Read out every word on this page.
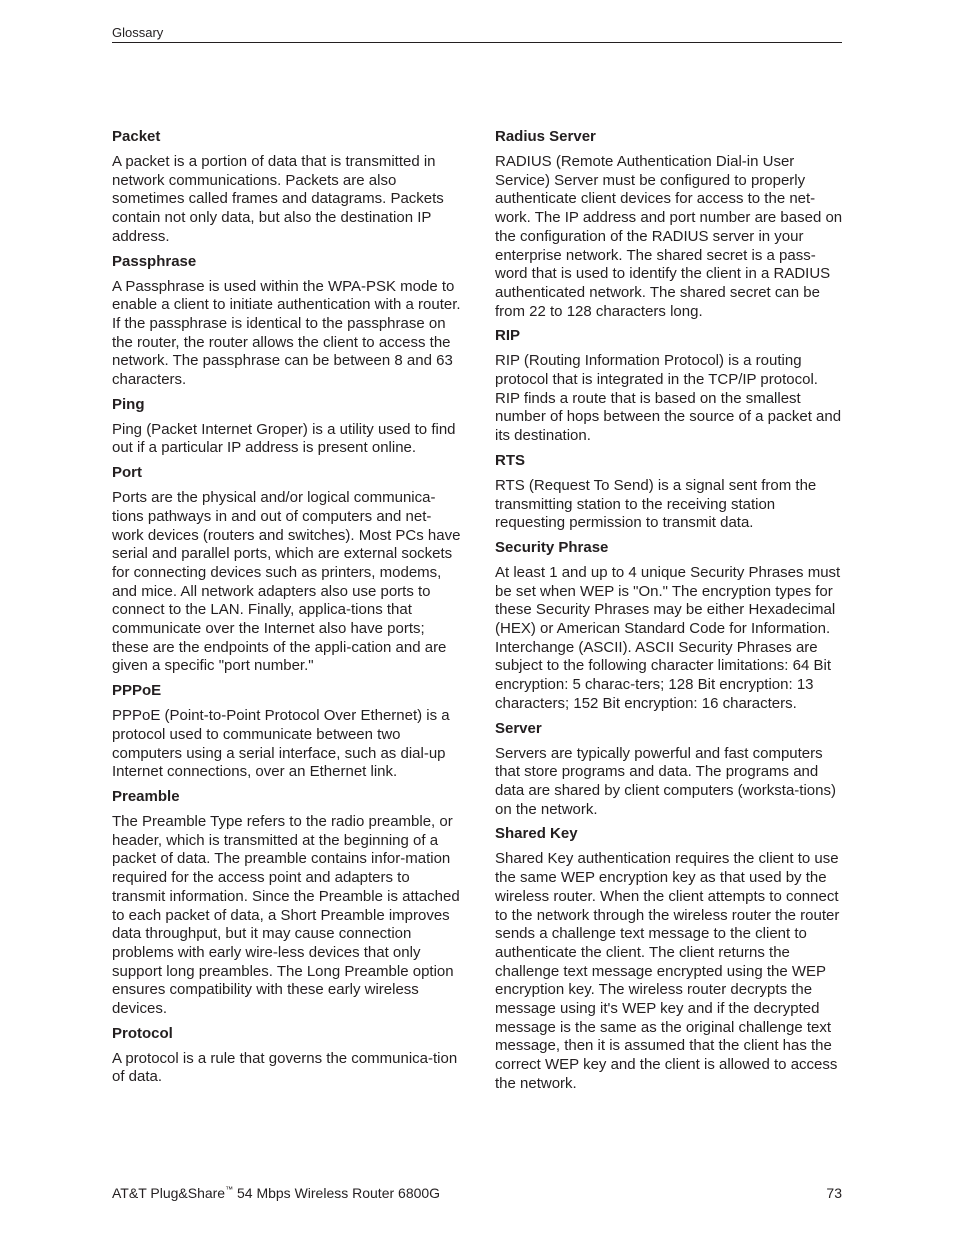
Glossary
Packet

A packet is a portion of data that is transmitted in network communications. Packets are also sometimes called frames and datagrams. Packets contain not only data, but also the destination IP address.

Passphrase

A Passphrase is used within the WPA-PSK mode to enable a client to initiate authentication with a router. If the passphrase is identical to the passphrase on the router, the router allows the client to access the network. The passphrase can be between 8 and 63 characters.

Ping

Ping (Packet Internet Groper) is a utility used to find out if a particular IP address is present online.

Port

Ports are the physical and/or logical communica-tions pathways in and out of computers and net-work devices (routers and switches). Most PCs have serial and parallel ports, which are external sockets for connecting devices such as printers, modems, and mice. All network adapters also use ports to connect to the LAN. Finally, applica-tions that communicate over the Internet also have ports; these are the endpoints of the appli-cation and are given a specific "port number."

PPPoE

PPPoE (Point-to-Point Protocol Over Ethernet) is a protocol used to communicate between two computers using a serial interface, such as dial-up Internet connections, over an Ethernet link.

Preamble

The Preamble Type refers to the radio preamble, or header, which is transmitted at the beginning of a packet of data. The preamble contains infor-mation required for the access point and adapters to transmit information. Since the Preamble is attached to each packet of data, a Short Preamble improves data throughput, but it may cause connection problems with early wire-less devices that only support long preambles. The Long Preamble option ensures compatibility with these early wireless devices.

Protocol

A protocol is a rule that governs the communica-tion of data.

Radius Server

RADIUS (Remote Authentication Dial-in User Service) Server must be configured to properly authenticate client devices for access to the net-work. The IP address and port number are based on the configuration of the RADIUS server in your enterprise network. The shared secret is a pass-word that is used to identify the client in a RADIUS authenticated network. The shared secret can be from 22 to 128 characters long.

RIP

RIP (Routing Information Protocol) is a routing protocol that is integrated in the TCP/IP protocol. RIP finds a route that is based on the smallest number of hops between the source of a packet and its destination.

RTS

RTS (Request To Send) is a signal sent from the transmitting station to the receiving station requesting permission to transmit data.

Security Phrase

At least 1 and up to 4 unique Security Phrases must be set when WEP is "On." The encryption types for these Security Phrases may be either Hexadecimal (HEX) or American Standard Code for Information. Interchange (ASCII). ASCII Security Phrases are subject to the following character limitations: 64 Bit encryption: 5 charac-ters; 128 Bit encryption: 13 characters; 152 Bit encryption: 16 characters.

Server

Servers are typically powerful and fast computers that store programs and data. The programs and data are shared by client computers (worksta-tions) on the network.

Shared Key

Shared Key authentication requires the client to use the same WEP encryption key as that used by the wireless router. When the client attempts to connect to the network through the wireless router the router sends a challenge text message to the client to authenticate the client. The client returns the challenge text message encrypted using the WEP encryption key. The wireless router decrypts the message using it's WEP key and if the decrypted message is the same as the original challenge text message, then it is assumed that the client has the correct WEP key and the client is allowed to access the network.

AT&T Plug&Share™ 54 Mbps Wireless Router 6800G	73
